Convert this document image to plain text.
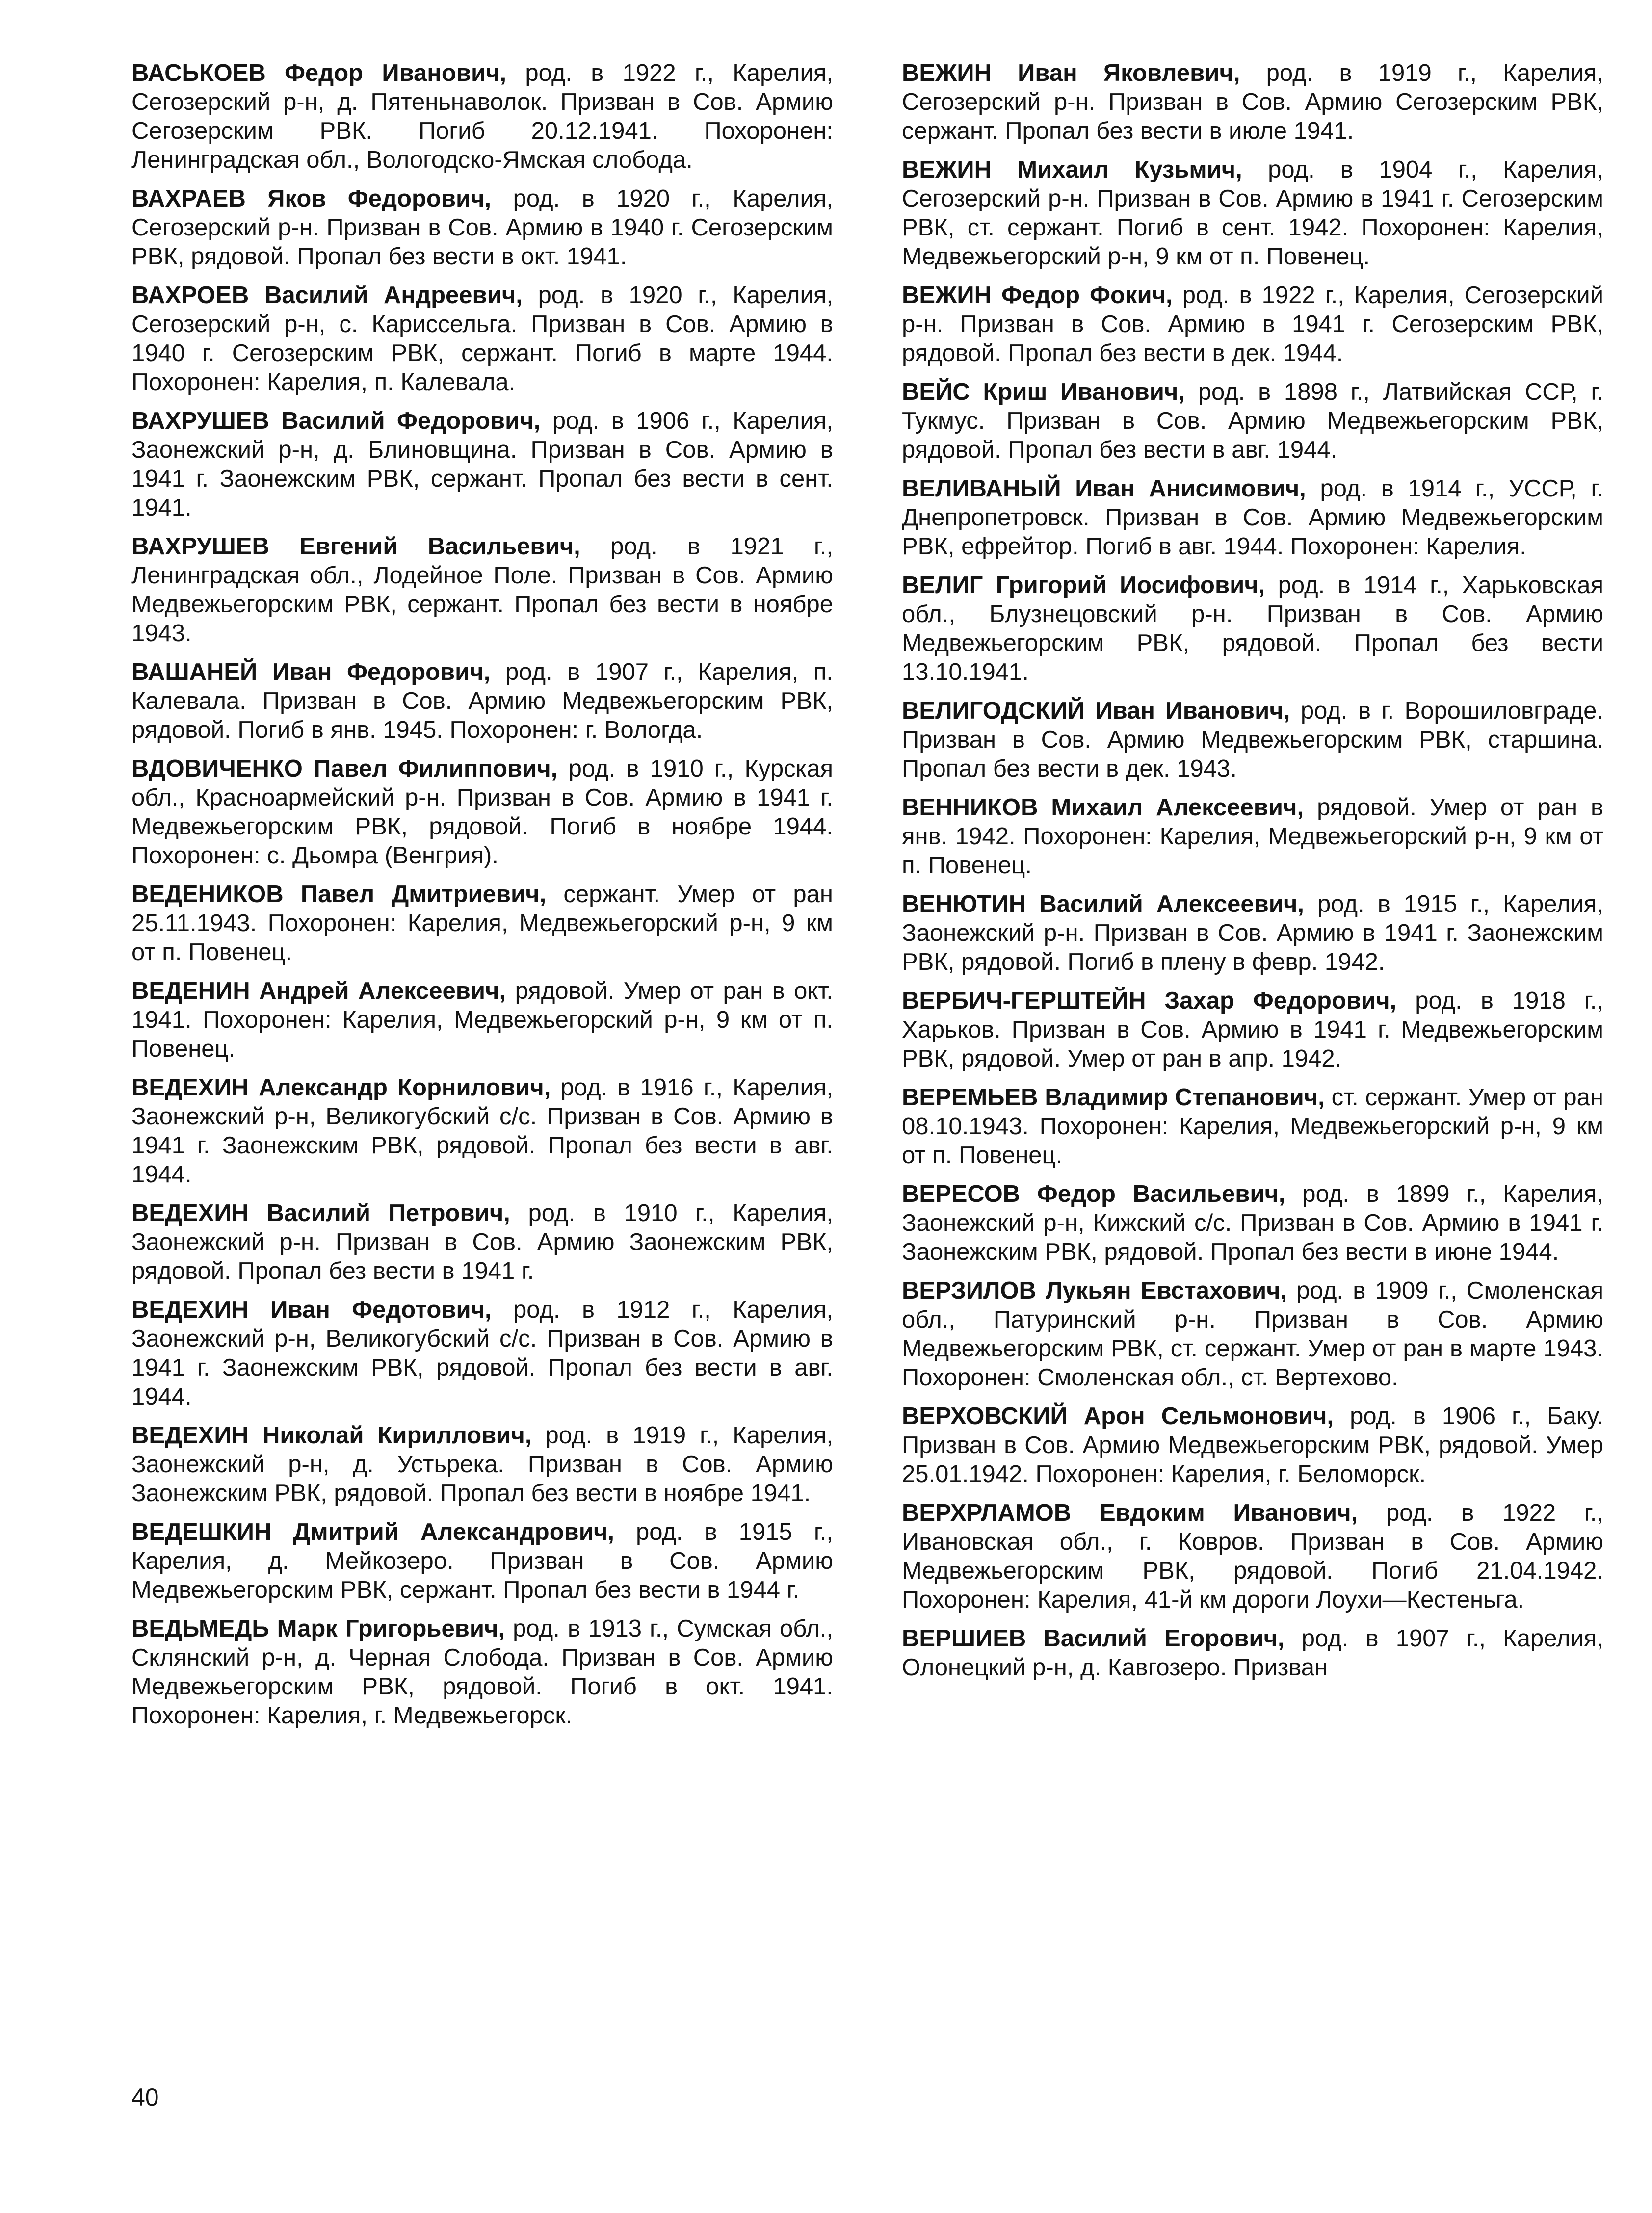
ВАСЬКОЕВ Федор Иванович, род. в 1922 г., Карелия, Сегозерский р-н, д. Пятеньнаволок. Призван в Сов. Армию Сегозерским РВК. Погиб 20.12.1941. Похоронен: Ленинградская обл., Вологодско-Ямская слобода.

ВАХРАЕВ Яков Федорович, род. в 1920 г., Карелия, Сегозерский р-н. Призван в Сов. Армию в 1940 г. Сегозерским РВК, рядовой. Пропал без вести в окт. 1941.

ВАХРОЕВ Василий Андреевич, род. в 1920 г., Карелия, Сегозерский р-н, с. Кариссельга. Призван в Сов. Армию в 1940 г. Сегозерским РВК, сержант. Погиб в марте 1944. Похоронен: Карелия, п. Калевала.

ВАХРУШЕВ Василий Федорович, род. в 1906 г., Карелия, Заонежский р-н, д. Блиновщина. Призван в Сов. Армию в 1941 г. Заонежским РВК, сержант. Пропал без вести в сент. 1941.

ВАХРУШЕВ Евгений Васильевич, род. в 1921 г., Ленинградская обл., Лодейное Поле. Призван в Сов. Армию Медвежьегорским РВК, сержант. Пропал без вести в ноябре 1943.

ВАШАНЕЙ Иван Федорович, род. в 1907 г., Карелия, п. Калевала. Призван в Сов. Армию Медвежьегорским РВК, рядовой. Погиб в янв. 1945. Похоронен: г. Вологда.

ВДОВИЧЕНКО Павел Филиппович, род. в 1910 г., Курская обл., Красноармейский р-н. Призван в Сов. Армию в 1941 г. Медвежьегорским РВК, рядовой. Погиб в ноябре 1944. Похоронен: с. Дьомра (Венгрия).

ВЕДЕНИКОВ Павел Дмитриевич, сержант. Умер от ран 25.11.1943. Похоронен: Карелия, Медвежьегорский р-н, 9 км от п. Повенец.

ВЕДЕНИН Андрей Алексеевич, рядовой. Умер от ран в окт. 1941. Похоронен: Карелия, Медвежьегорский р-н, 9 км от п. Повенец.

ВЕДЕХИН Александр Корнилович, род. в 1916 г., Карелия, Заонежский р-н, Великогубский с/с. Призван в Сов. Армию в 1941 г. Заонежским РВК, рядовой. Пропал без вести в авг. 1944.

ВЕДЕХИН Василий Петрович, род. в 1910 г., Карелия, Заонежский р-н. Призван в Сов. Армию Заонежским РВК, рядовой. Пропал без вести в 1941 г.

ВЕДЕХИН Иван Федотович, род. в 1912 г., Карелия, Заонежский р-н, Великогубский с/с. Призван в Сов. Армию в 1941 г. Заонежским РВК, рядовой. Пропал без вести в авг. 1944.

ВЕДЕХИН Николай Кириллович, род. в 1919 г., Карелия, Заонежский р-н, д. Устьрека. Призван в Сов. Армию Заонежским РВК, рядовой. Пропал без вести в ноябре 1941.

ВЕДЕШКИН Дмитрий Александрович, род. в 1915 г., Карелия, д. Мейкозеро. Призван в Сов. Армию Медвежьегорским РВК, сержант. Пропал без вести в 1944 г.

ВЕДЬМЕДЬ Марк Григорьевич, род. в 1913 г., Сумская обл., Склянский р-н, д. Черная Слобода. Призван в Сов. Армию Медвежьегорским РВК, рядовой. Погиб в окт. 1941. Похоронен: Карелия, г. Медвежьегорск.

ВЕЖИН Иван Яковлевич, род. в 1919 г., Карелия, Сегозерский р-н. Призван в Сов. Армию Сегозерским РВК, сержант. Пропал без вести в июле 1941.

ВЕЖИН Михаил Кузьмич, род. в 1904 г., Карелия, Сегозерский р-н. Призван в Сов. Армию в 1941 г. Сегозерским РВК, ст. сержант. Погиб в сент. 1942. Похоронен: Карелия, Медвежьегорский р-н, 9 км от п. Повенец.

ВЕЖИН Федор Фокич, род. в 1922 г., Карелия, Сегозерский р-н. Призван в Сов. Армию в 1941 г. Сегозерским РВК, рядовой. Пропал без вести в дек. 1944.

ВЕЙС Криш Иванович, род. в 1898 г., Латвийская ССР, г. Тукмус. Призван в Сов. Армию Медвежьегорским РВК, рядовой. Пропал без вести в авг. 1944.

ВЕЛИВАНЫЙ Иван Анисимович, род. в 1914 г., УССР, г. Днепропетровск. Призван в Сов. Армию Медвежьегорским РВК, ефрейтор. Погиб в авг. 1944. Похоронен: Карелия.

ВЕЛИГ Григорий Иосифович, род. в 1914 г., Харьковская обл., Блузнецовский р-н. Призван в Сов. Армию Медвежьегорским РВК, рядовой. Пропал без вести 13.10.1941.

ВЕЛИГОДСКИЙ Иван Иванович, род. в г. Ворошиловграде. Призван в Сов. Армию Медвежьегорским РВК, старшина. Пропал без вести в дек. 1943.

ВЕННИКОВ Михаил Алексеевич, рядовой. Умер от ран в янв. 1942. Похоронен: Карелия, Медвежьегорский р-н, 9 км от п. Повенец.

ВЕНЮТИН Василий Алексеевич, род. в 1915 г., Карелия, Заонежский р-н. Призван в Сов. Армию в 1941 г. Заонежским РВК, рядовой. Погиб в плену в февр. 1942.

ВЕРБИЧ-ГЕРШТЕЙН Захар Федорович, род. в 1918 г., Харьков. Призван в Сов. Армию в 1941 г. Медвежьегорским РВК, рядовой. Умер от ран в апр. 1942.

ВЕРЕМЬЕВ Владимир Степанович, ст. сержант. Умер от ран 08.10.1943. Похоронен: Карелия, Медвежьегорский р-н, 9 км от п. Повенец.

ВЕРЕСОВ Федор Васильевич, род. в 1899 г., Карелия, Заонежский р-н, Кижский с/с. Призван в Сов. Армию в 1941 г. Заонежским РВК, рядовой. Пропал без вести в июне 1944.

ВЕРЗИЛОВ Лукьян Евстахович, род. в 1909 г., Смоленская обл., Патуринский р-н. Призван в Сов. Армию Медвежьегорским РВК, ст. сержант. Умер от ран в марте 1943. Похоронен: Смоленская обл., ст. Вертехово.

ВЕРХОВСКИЙ Арон Сельмонович, род. в 1906 г., Баку. Призван в Сов. Армию Медвежьегорским РВК, рядовой. Умер 25.01.1942. Похоронен: Карелия, г. Беломорск.

ВЕРХРЛАМОВ Евдоким Иванович, род. в 1922 г., Ивановская обл., г. Ковров. Призван в Сов. Армию Медвежьегорским РВК, рядовой. Погиб 21.04.1942. Похоронен: Карелия, 41-й км дороги Лоухи—Кестеньга.

ВЕРШИЕВ Василий Егорович, род. в 1907 г., Карелия, Олонецкий р-н, д. Кавгозеро. Призван

40
